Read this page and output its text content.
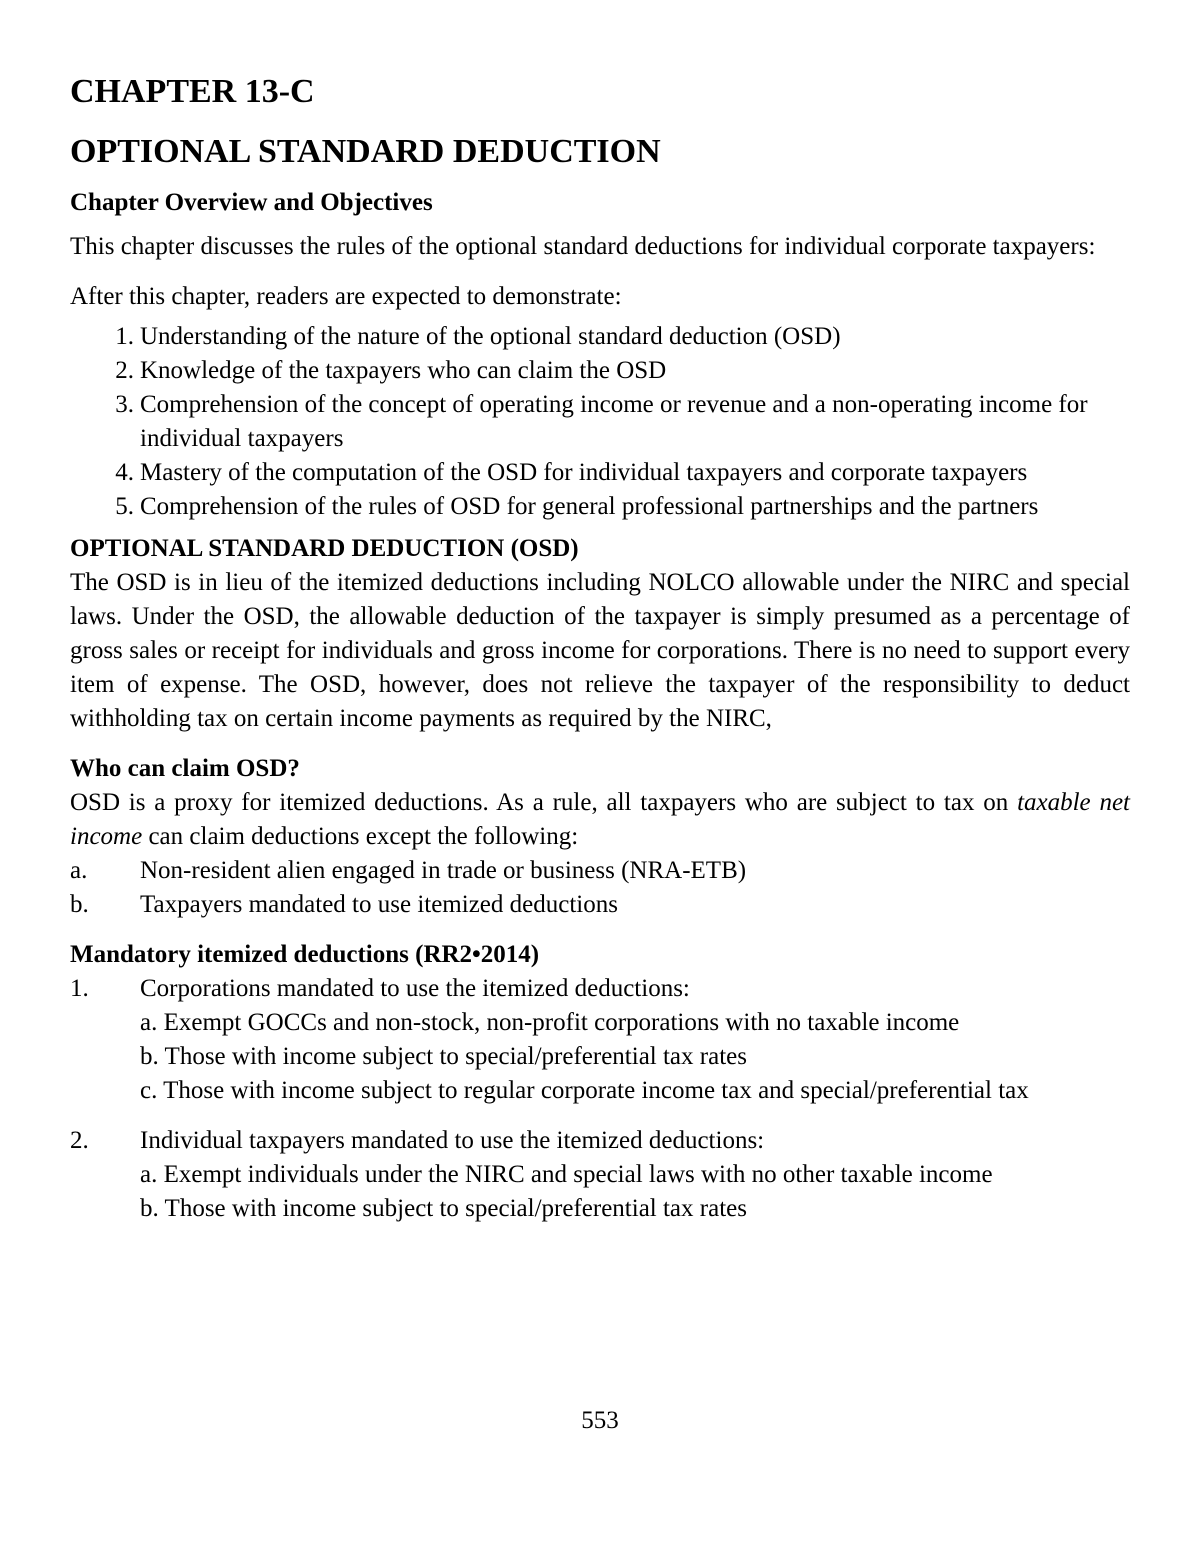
CHAPTER 13-C
OPTIONAL STANDARD DEDUCTION
Chapter Overview and Objectives

This chapter discusses the rules of the optional standard deductions for individual corporate taxpayers:

After this chapter, readers are expected to demonstrate:

1. Understanding of the nature of the optional standard deduction (OSD)
2. Knowledge of the taxpayers who can claim the OSD
3. Comprehension of the concept of operating income or revenue and a non-operating income for individual taxpayers
4. Mastery of the computation of the OSD for individual taxpayers and corporate taxpayers
5. Comprehension of the rules of OSD for general professional partnerships and the partners
OPTIONAL STANDARD DEDUCTION (OSD)

The OSD is in lieu of the itemized deductions including NOLCO allowable under the NIRC and special laws. Under the OSD, the allowable deduction of the taxpayer is simply presumed as a percentage of gross sales or receipt for individuals and gross income for corporations. There is no need to support every item of expense. The OSD, however, does not relieve the taxpayer of the responsibility to deduct withholding tax on certain income payments as required by the NIRC,

Who can claim OSD?

OSD is a proxy for itemized deductions. As a rule, all taxpayers who are subject to tax on taxable net income can claim deductions except the following:

a.	Non-resident alien engaged in trade or business (NRA-ETB)
b.	Taxpayers mandated to use itemized deductions
Mandatory itemized deductions (RR2•2014)
1.	Corporations mandated to use the itemized deductions:
a. Exempt GOCCs and non-stock, non-profit corporations with no taxable income
b. Those with income subject to special/preferential tax rates
c. Those with income subject to regular corporate income tax and special/preferential tax
2.	Individual taxpayers mandated to use the itemized deductions:
a. Exempt individuals under the NIRC and special laws with no other taxable income
b. Those with income subject to special/preferential tax rates
553
